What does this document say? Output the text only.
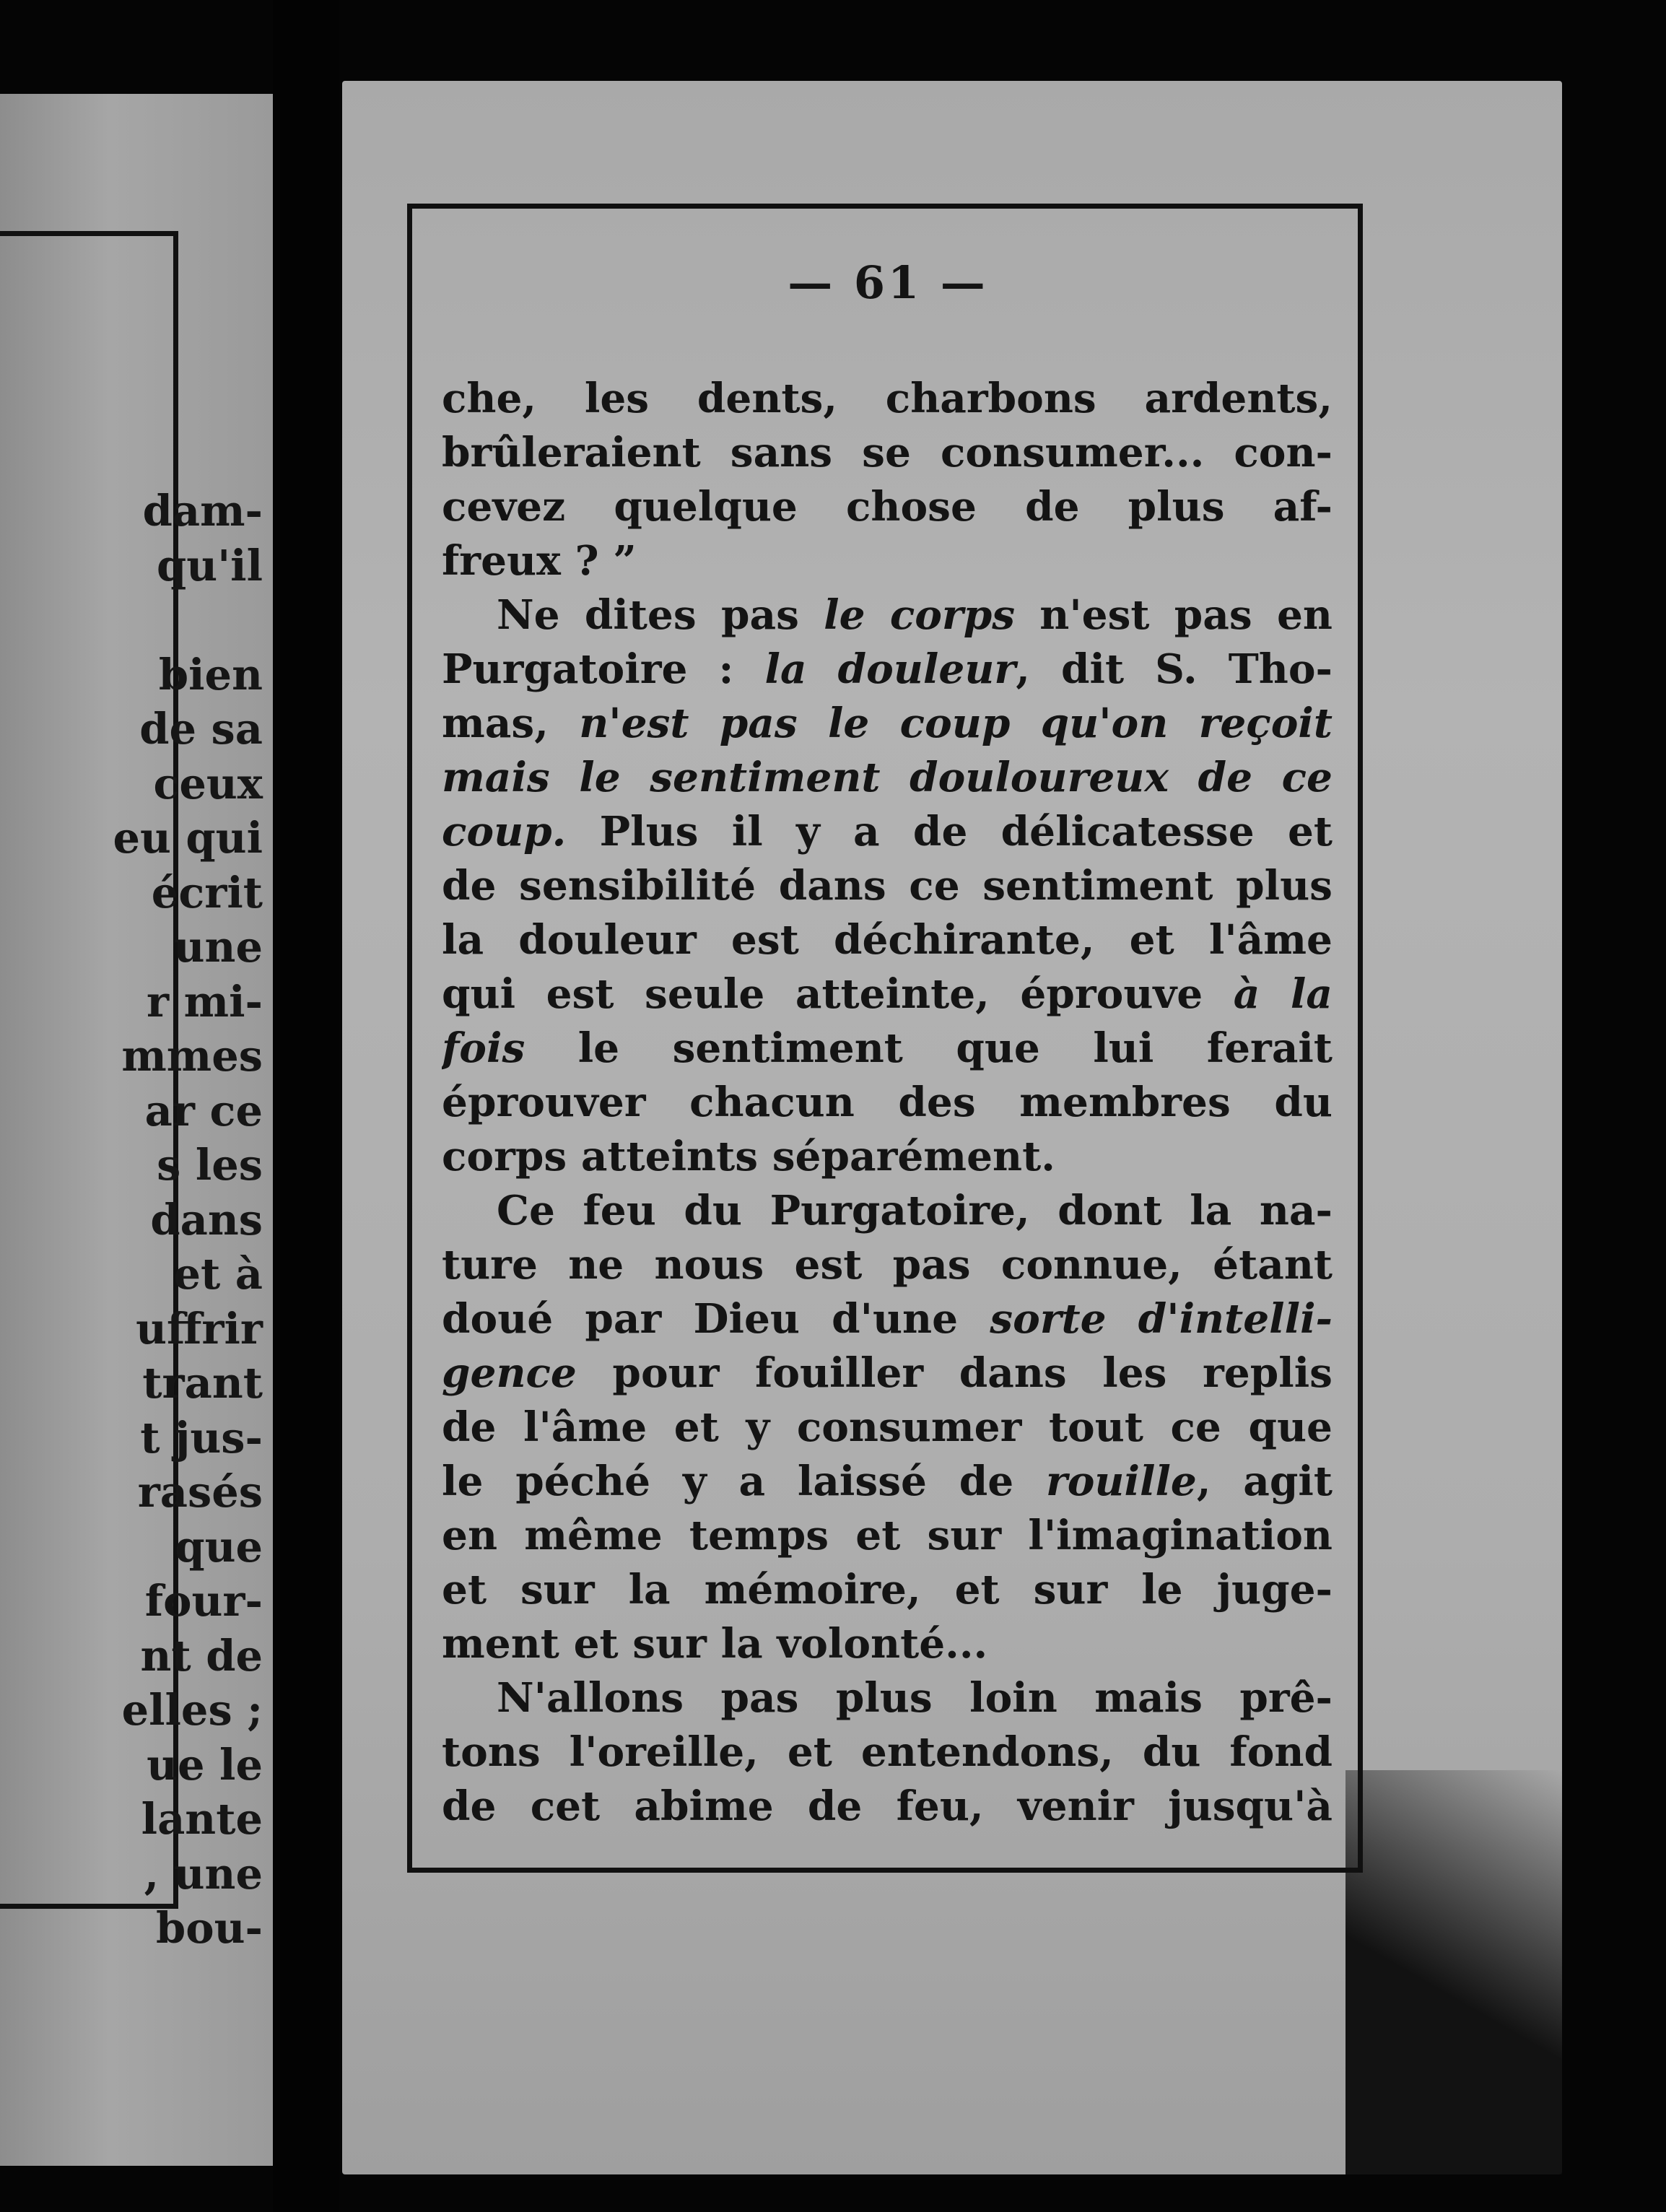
dam-
qu'il

bien
de sa
ceux
eu qui
écrit
une
r mi-
mmes
ar ce
s les
dans
et à
uffrir
trant
t jus-
rasés
que
four-
nt de
elles ;
ue le
lante
, une
bou-
— 61 —
che, les dents, charbons ardents,
brûleraient sans se consumer... con-
cevez quelque chose de plus af-
freux ? ”
Ne dites pas le corps n'est pas en
Purgatoire : la douleur, dit S. Tho-
mas, n'est pas le coup qu'on reçoit
mais le sentiment douloureux de ce
coup. Plus il y a de délicatesse et
de sensibilité dans ce sentiment plus
la douleur est déchirante, et l'âme
qui est seule atteinte, éprouve à la
fois le sentiment que lui ferait
éprouver chacun des membres du
corps atteints séparément.
Ce feu du Purgatoire, dont la na-
ture ne nous est pas connue, étant
doué par Dieu d'une sorte d'intelli-
gence pour fouiller dans les replis
de l'âme et y consumer tout ce que
le péché y a laissé de rouille, agit
en même temps et sur l'imagination
et sur la mémoire, et sur le juge-
ment et sur la volonté...
N'allons pas plus loin mais prê-
tons l'oreille, et entendons, du fond
de cet abime de feu, venir jusqu'à
